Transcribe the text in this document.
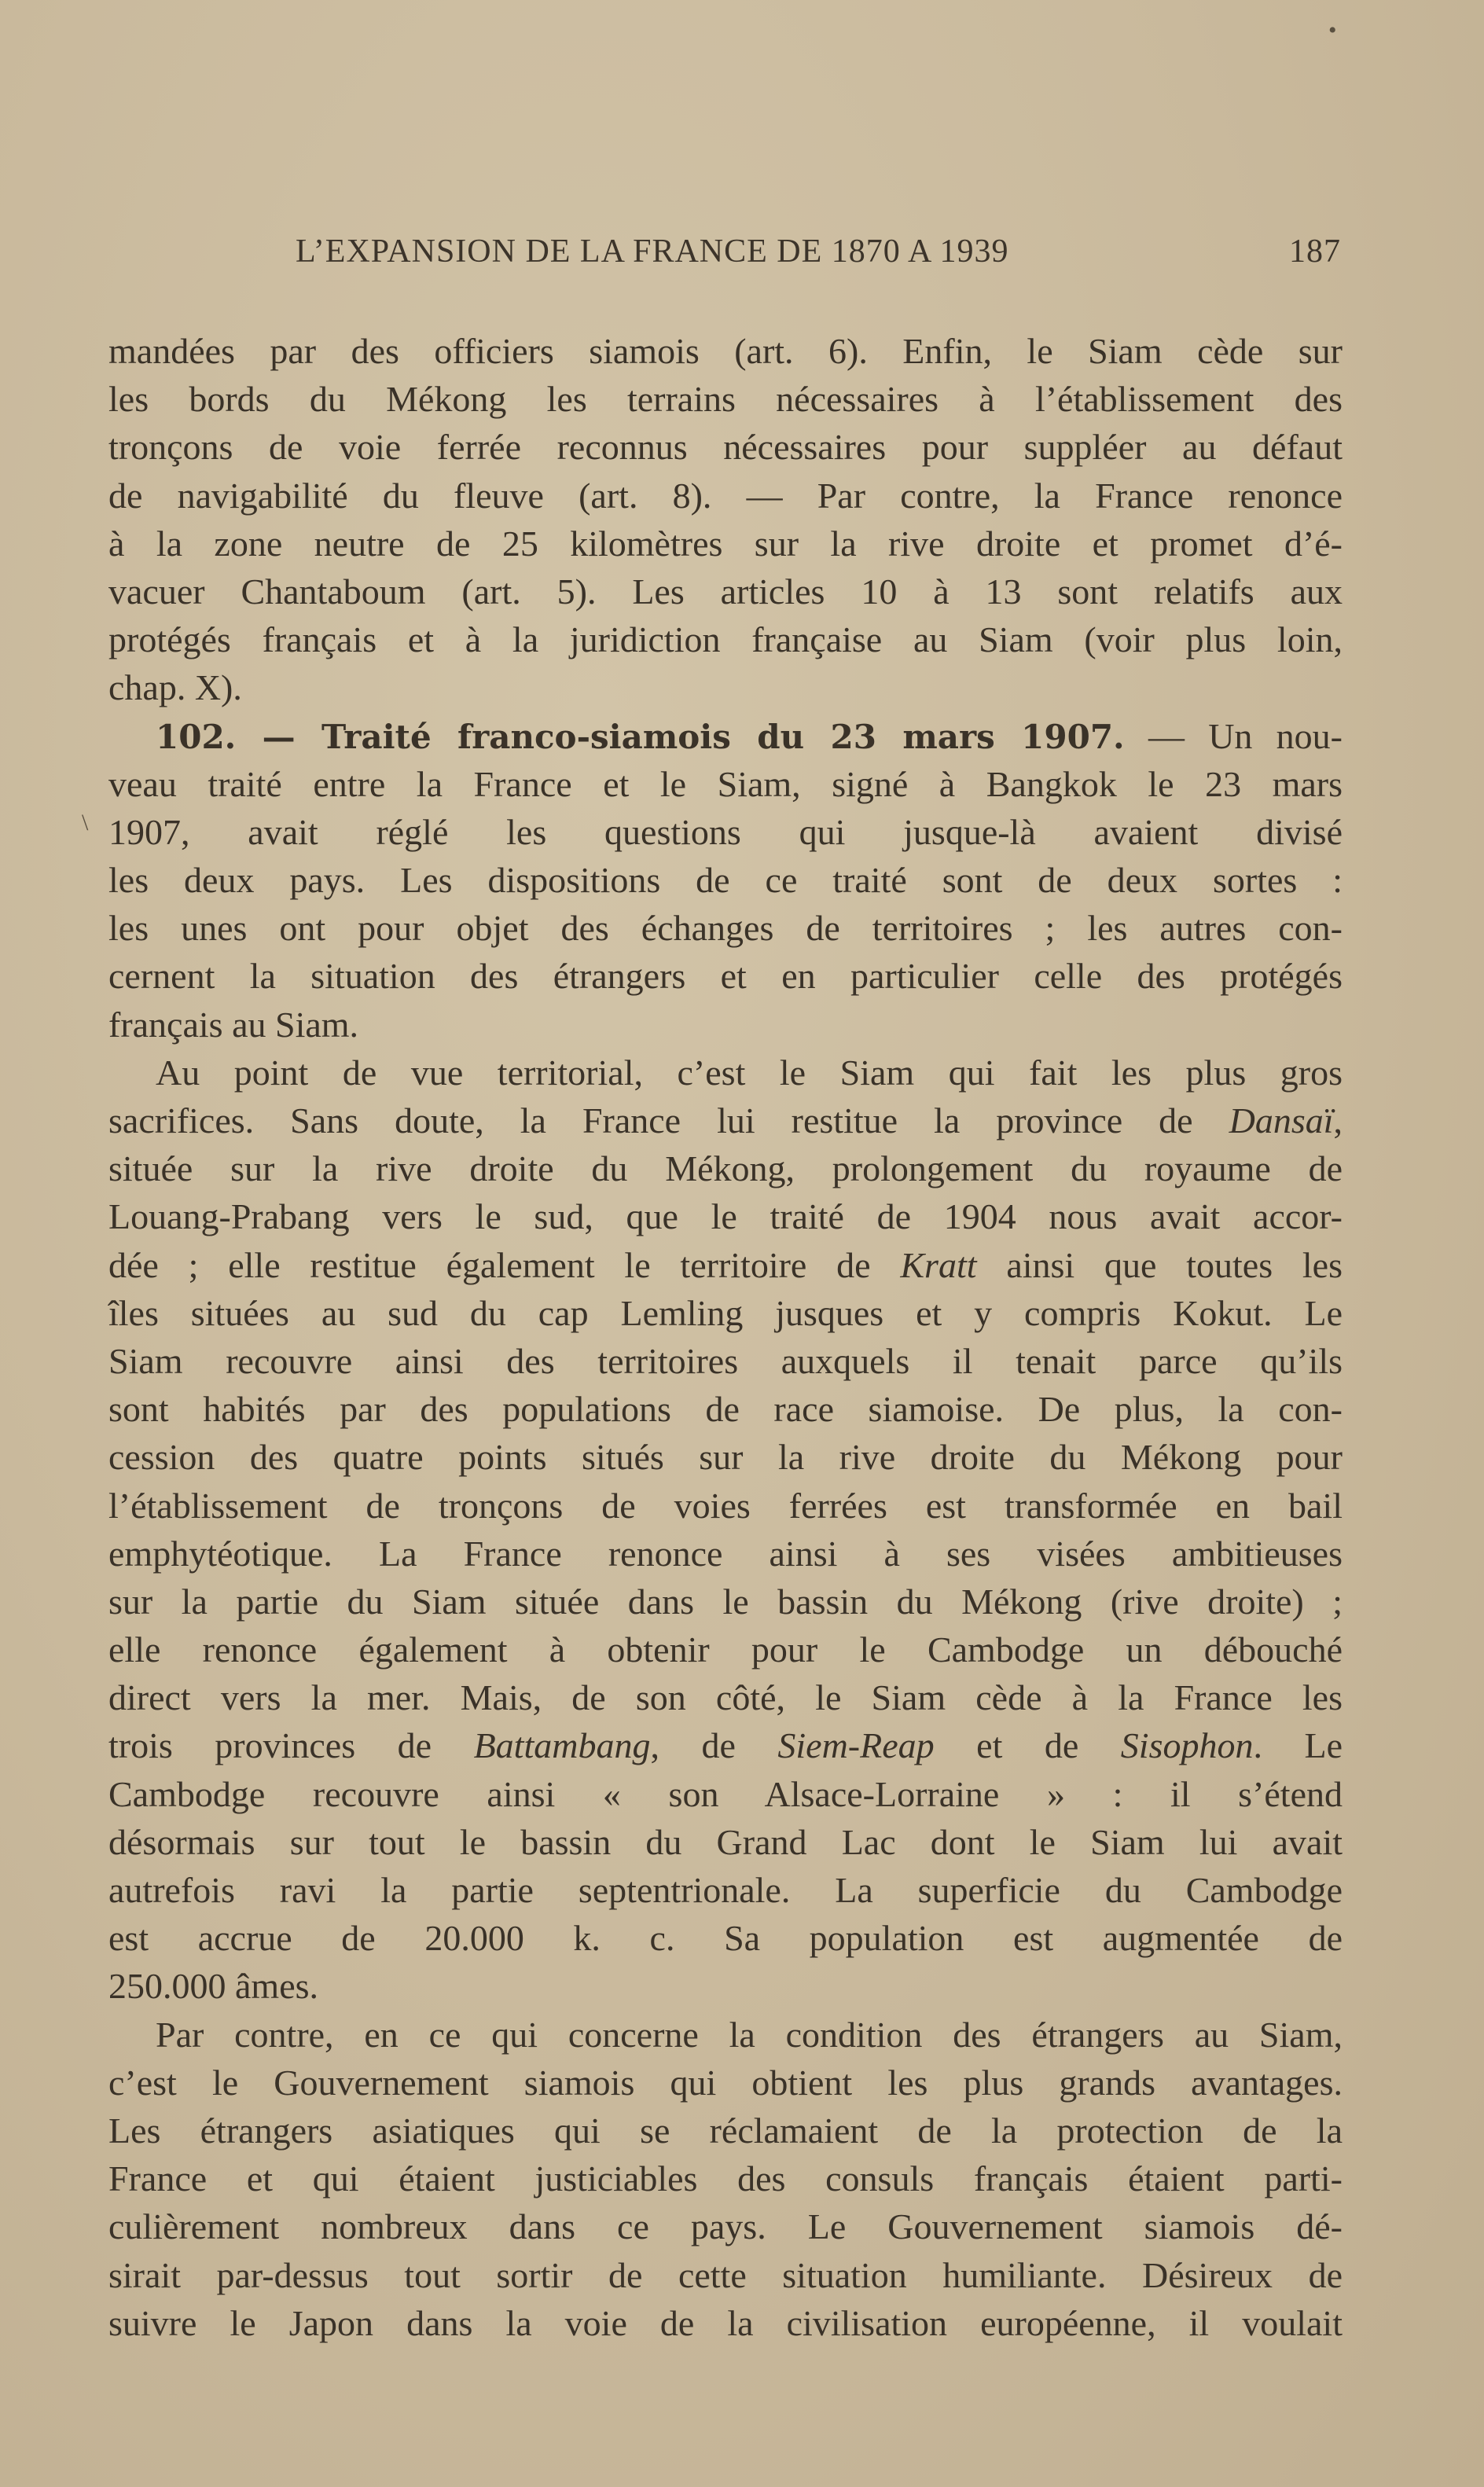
•
\
L’EXPANSION DE LA FRANCE DE 1870 A 1939	187
mandées par des officiers siamois (art. 6). Enfin, le Siam cède sur
les bords du Mékong les terrains nécessaires à l’établissement des
tronçons de voie ferrée reconnus nécessaires pour suppléer au défaut
de navigabilité du fleuve (art. 8). — Par contre, la France renonce
à la zone neutre de 25 kilomètres sur la rive droite et promet d’é-
vacuer Chantaboum (art. 5). Les articles 10 à 13 sont relatifs aux
protégés français et à la juridiction française au Siam (voir plus loin,
chap. X).
102. — Traité franco-siamois du 23 mars 1907. — Un nou-
veau traité entre la France et le Siam, signé à Bangkok le 23 mars
1907, avait réglé les questions qui jusque-là avaient divisé
les deux pays. Les dispositions de ce traité sont de deux sortes :
les unes ont pour objet des échanges de territoires ; les autres con-
cernent la situation des étrangers et en particulier celle des protégés
français au Siam.
Au point de vue territorial, c’est le Siam qui fait les plus gros
sacrifices. Sans doute, la France lui restitue la province de Dansaï,
située sur la rive droite du Mékong, prolongement du royaume de
Louang-Prabang vers le sud, que le traité de 1904 nous avait accor-
dée ; elle restitue également le territoire de Kratt ainsi que toutes les
îles situées au sud du cap Lemling jusques et y compris Kokut. Le
Siam recouvre ainsi des territoires auxquels il tenait parce qu’ils
sont habités par des populations de race siamoise. De plus, la con-
cession des quatre points situés sur la rive droite du Mékong pour
l’établissement de tronçons de voies ferrées est transformée en bail
emphytéotique. La France renonce ainsi à ses visées ambitieuses
sur la partie du Siam située dans le bassin du Mékong (rive droite) ;
elle renonce également à obtenir pour le Cambodge un débouché
direct vers la mer. Mais, de son côté, le Siam cède à la France les
trois provinces de Battambang, de Siem-Reap et de Sisophon. Le
Cambodge recouvre ainsi « son Alsace-Lorraine » : il s’étend
désormais sur tout le bassin du Grand Lac dont le Siam lui avait
autrefois ravi la partie septentrionale. La superficie du Cambodge
est accrue de 20.000 k. c. Sa population est augmentée de
250.000 âmes.
Par contre, en ce qui concerne la condition des étrangers au Siam,
c’est le Gouvernement siamois qui obtient les plus grands avantages.
Les étrangers asiatiques qui se réclamaient de la protection de la
France et qui étaient justiciables des consuls français étaient parti-
culièrement nombreux dans ce pays. Le Gouvernement siamois dé-
sirait par-dessus tout sortir de cette situation humiliante. Désireux de
suivre le Japon dans la voie de la civilisation européenne, il voulait
